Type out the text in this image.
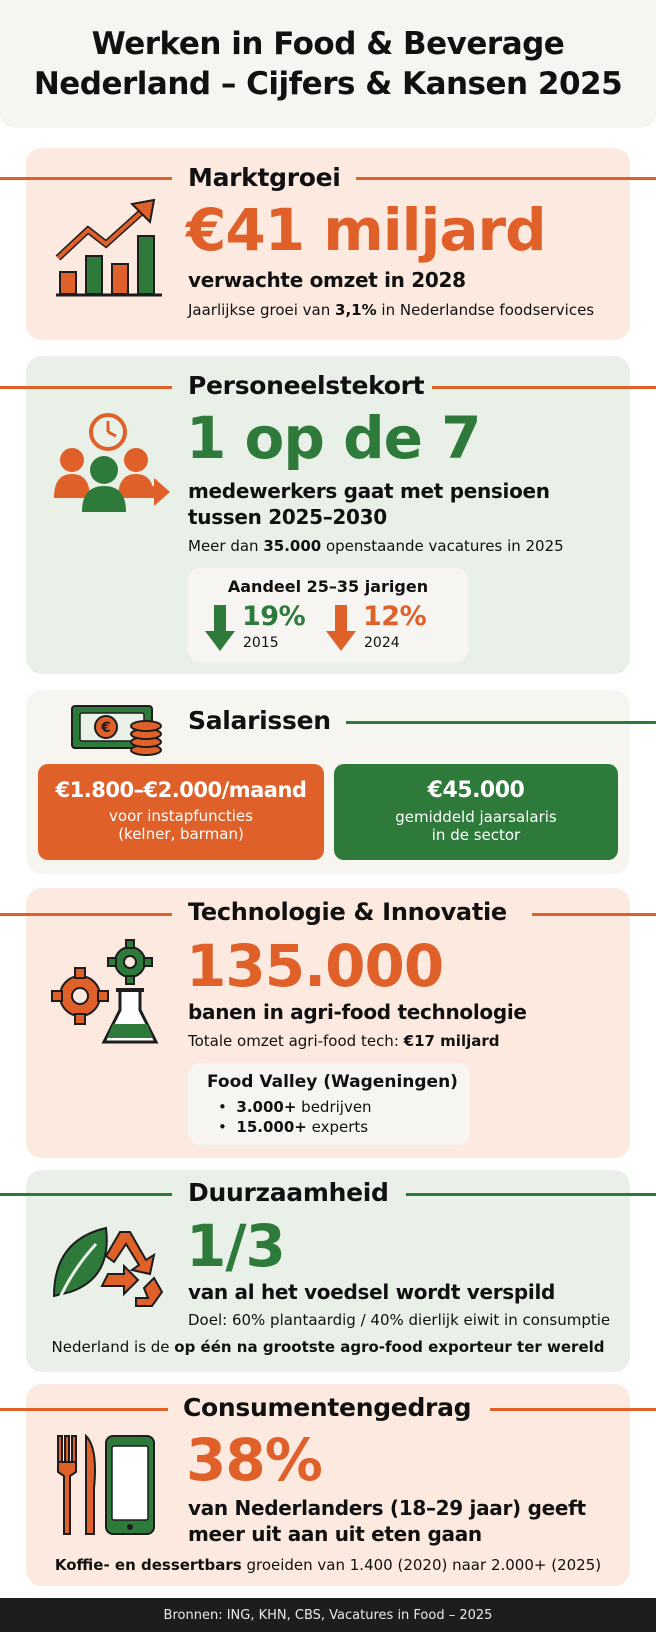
Werken in Food & Beverage
Nederland – Cijfers & Kansen 2025
Marktgroei
€41 miljard
verwachte omzet in 2028
Jaarlijkse groei van 3,1% in Nederlandse foodservices
Personeelstekort
1 op de 7
medewerkers gaat met pensioen
tussen 2025–2030
Meer dan 35.000 openstaande vacatures in 2025
Aandeel 25–35 jarigen
19%
2015
12%
2024
Salarissen
€
€1.800–€2.000/maand
voor instapfuncties
(kelner, barman)
€45.000
gemiddeld jaarsalaris
in de sector
Technologie & Innovatie
135.000
banen in agri-food technologie
Totale omzet agri-food tech: €17 miljard
Food Valley (Wageningen)
•  3.000+ bedrijven
•  15.000+ experts
Duurzaamheid
1/3
van al het voedsel wordt verspild
Doel: 60% plantaardig / 40% dierlijk eiwit in consumptie
Nederland is de op één na grootste agro-food exporteur ter wereld
Consumentengedrag
38%
van Nederlanders (18–29 jaar) geeft
meer uit aan uit eten gaan
Koffie- en dessertbars groeiden van 1.400 (2020) naar 2.000+ (2025)
Bronnen: ING, KHN, CBS, Vacatures in Food – 2025
